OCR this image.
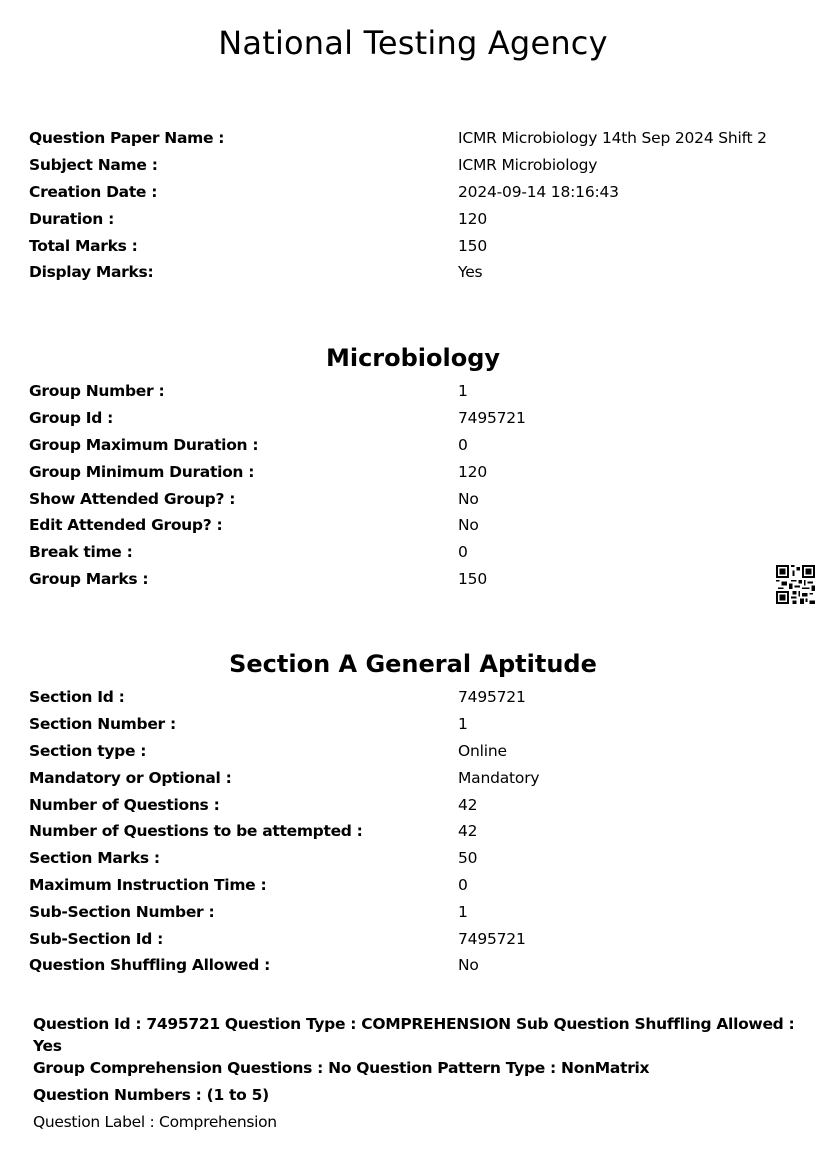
National Testing Agency
Question Paper Name :	ICMR Microbiology 14th Sep 2024 Shift 2
Subject Name :	ICMR Microbiology
Creation Date :	2024-09-14 18:16:43
Duration :	120
Total Marks :	150
Display Marks:	Yes
Microbiology
Group Number :	1
Group Id :	7495721
Group Maximum Duration :	0
Group Minimum Duration :	120
Show Attended Group? :	No
Edit Attended Group? :	No
Break time :	0
Group Marks :	150
Section A General Aptitude
Section Id :	7495721
Section Number :	1
Section type :	Online
Mandatory or Optional :	Mandatory
Number of Questions :	42
Number of Questions to be attempted :	42
Section Marks :	50
Maximum Instruction Time :	0
Sub-Section Number :	1
Sub-Section Id :	7495721
Question Shuffling Allowed :	No
Question Id : 7495721 Question Type : COMPREHENSION Sub Question Shuffling Allowed : Yes
Group Comprehension Questions : No Question Pattern Type : NonMatrix
Question Numbers : (1 to 5)
Question Label : Comprehension
